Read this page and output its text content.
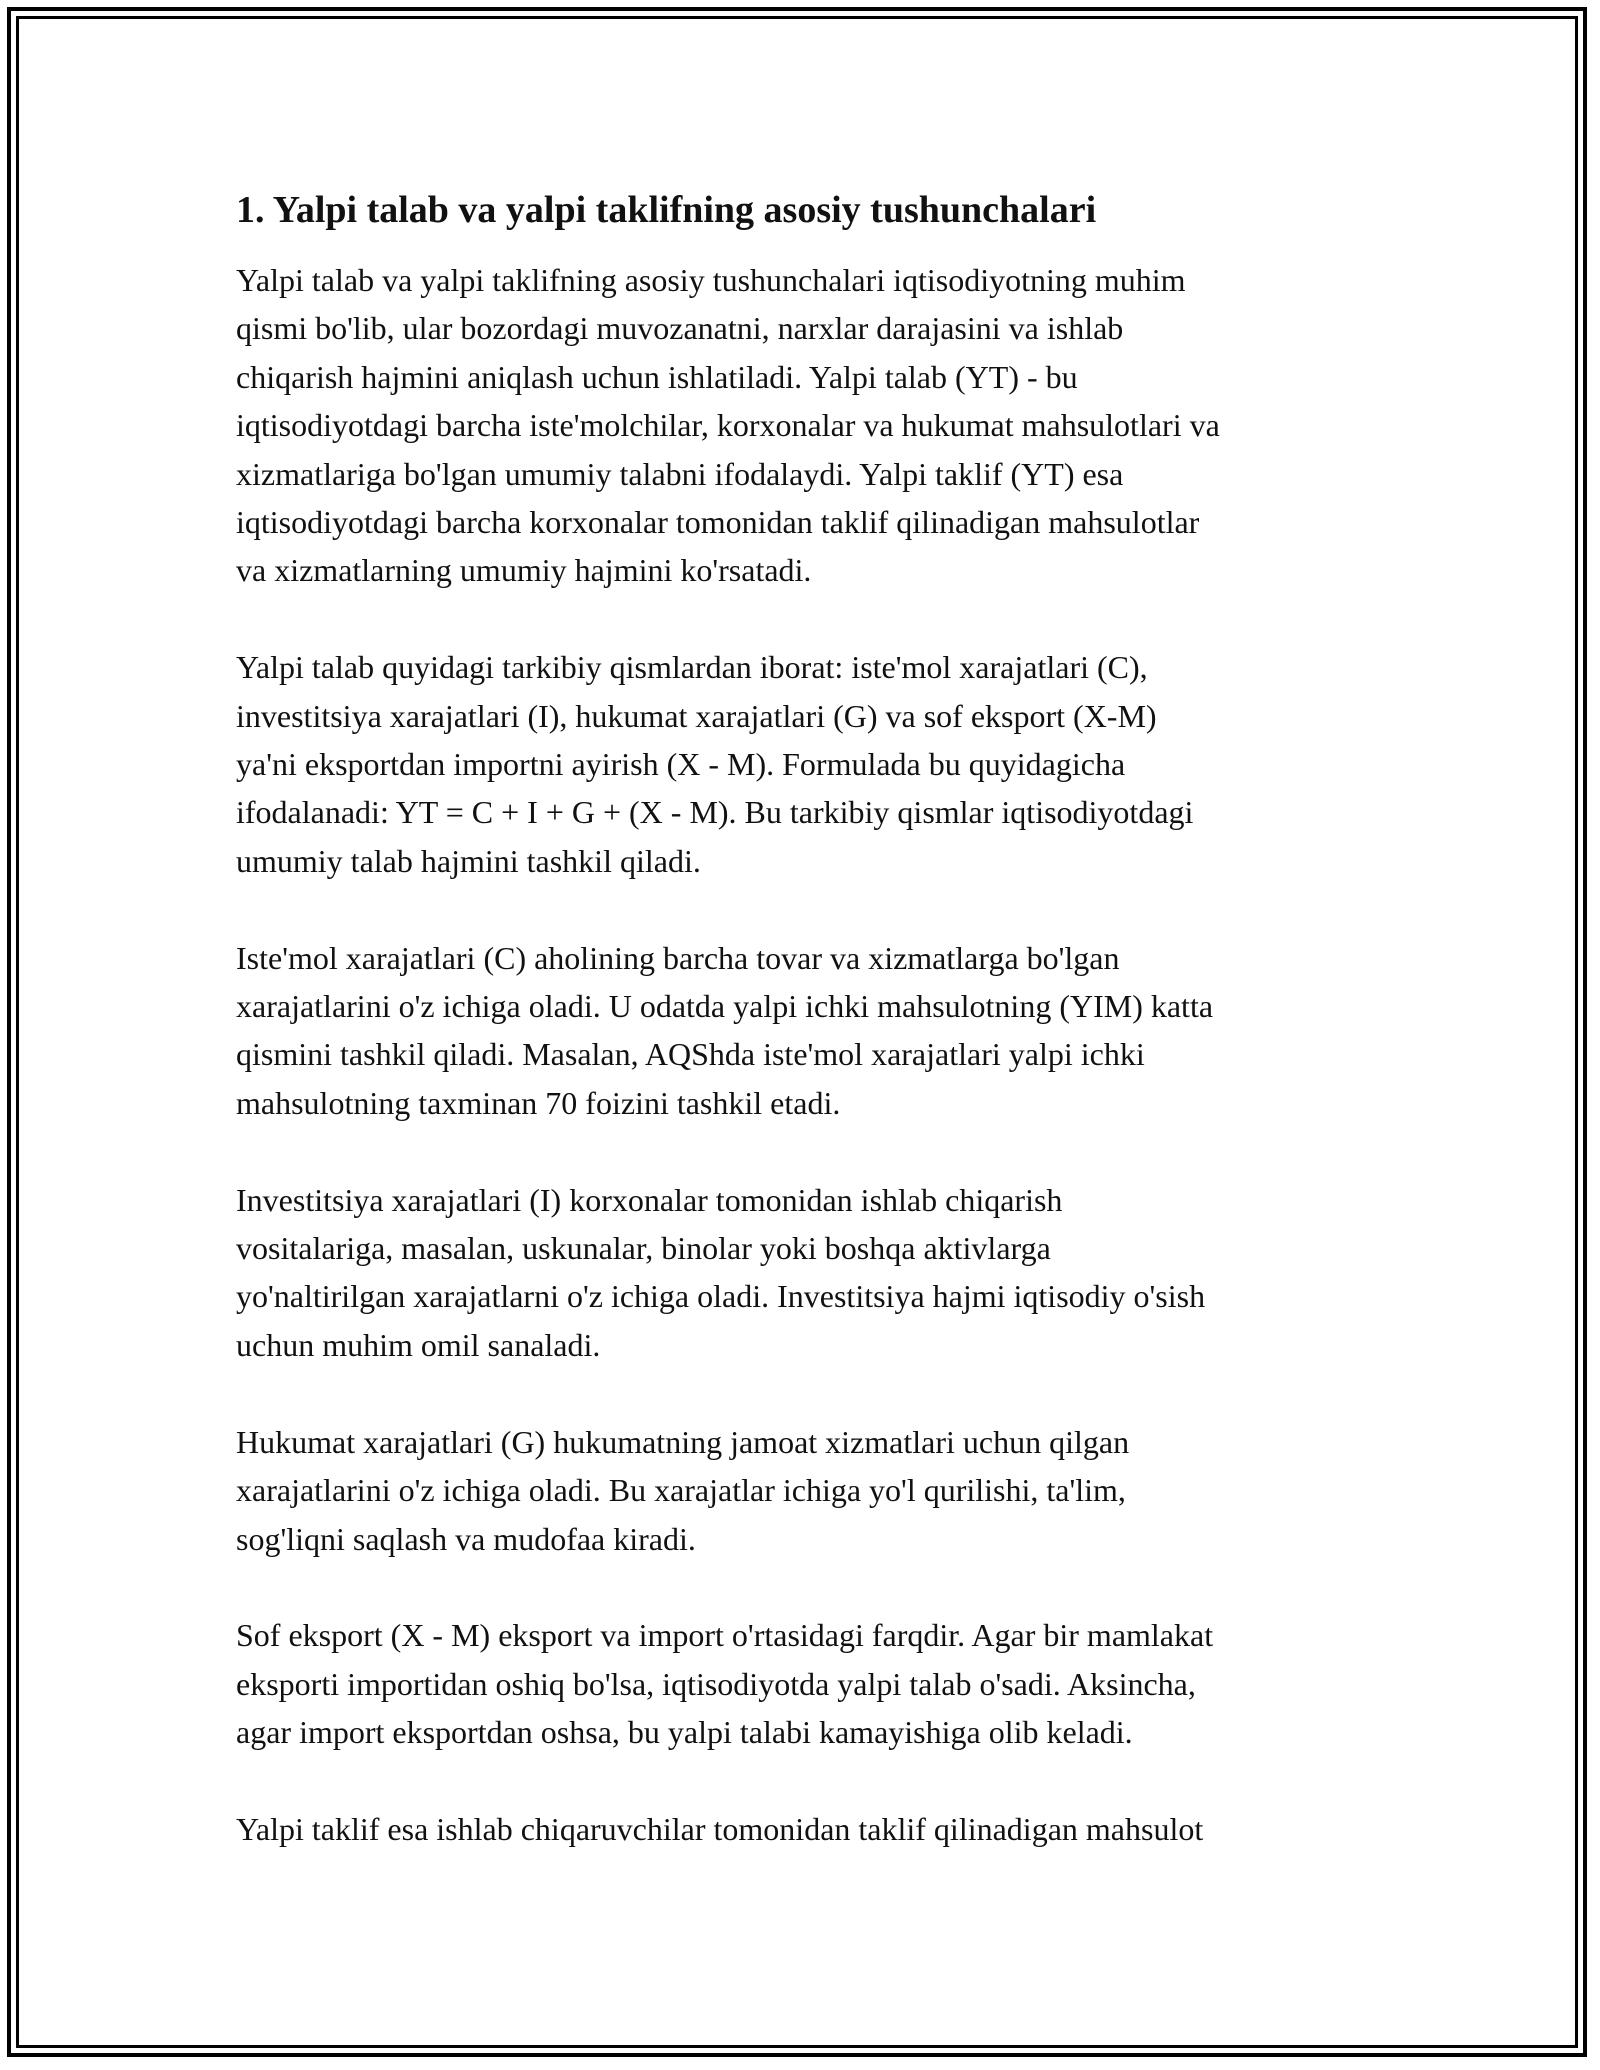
1. Yalpi talab va yalpi taklifning asosiy tushunchalari

Yalpi talab va yalpi taklifning asosiy tushunchalari iqtisodiyotning muhim
qismi bo'lib, ular bozordagi muvozanatni, narxlar darajasini va ishlab
chiqarish hajmini aniqlash uchun ishlatiladi. Yalpi talab (YT) - bu
iqtisodiyotdagi barcha iste'molchilar, korxonalar va hukumat mahsulotlari va
xizmatlariga bo'lgan umumiy talabni ifodalaydi. Yalpi taklif (YT) esa
iqtisodiyotdagi barcha korxonalar tomonidan taklif qilinadigan mahsulotlar
va xizmatlarning umumiy hajmini ko'rsatadi.

Yalpi talab quyidagi tarkibiy qismlardan iborat: iste'mol xarajatlari (C),
investitsiya xarajatlari (I), hukumat xarajatlari (G) va sof eksport (X-M)
ya'ni eksportdan importni ayirish (X - M). Formulada bu quyidagicha
ifodalanadi: YT = C + I + G + (X - M). Bu tarkibiy qismlar iqtisodiyotdagi
umumiy talab hajmini tashkil qiladi.

Iste'mol xarajatlari (C) aholining barcha tovar va xizmatlarga bo'lgan
xarajatlarini o'z ichiga oladi. U odatda yalpi ichki mahsulotning (YIM) katta
qismini tashkil qiladi. Masalan, AQShda iste'mol xarajatlari yalpi ichki
mahsulotning taxminan 70 foizini tashkil etadi.

Investitsiya xarajatlari (I) korxonalar tomonidan ishlab chiqarish
vositalariga, masalan, uskunalar, binolar yoki boshqa aktivlarga
yo'naltirilgan xarajatlarni o'z ichiga oladi. Investitsiya hajmi iqtisodiy o'sish
uchun muhim omil sanaladi.

Hukumat xarajatlari (G) hukumatning jamoat xizmatlari uchun qilgan
xarajatlarini o'z ichiga oladi. Bu xarajatlar ichiga yo'l qurilishi, ta'lim,
sog'liqni saqlash va mudofaa kiradi.

Sof eksport (X - M) eksport va import o'rtasidagi farqdir. Agar bir mamlakat
eksporti importidan oshiq bo'lsa, iqtisodiyotda yalpi talab o'sadi. Aksincha,
agar import eksportdan oshsa, bu yalpi talabi kamayishiga olib keladi.

Yalpi taklif esa ishlab chiqaruvchilar tomonidan taklif qilinadigan mahsulot
